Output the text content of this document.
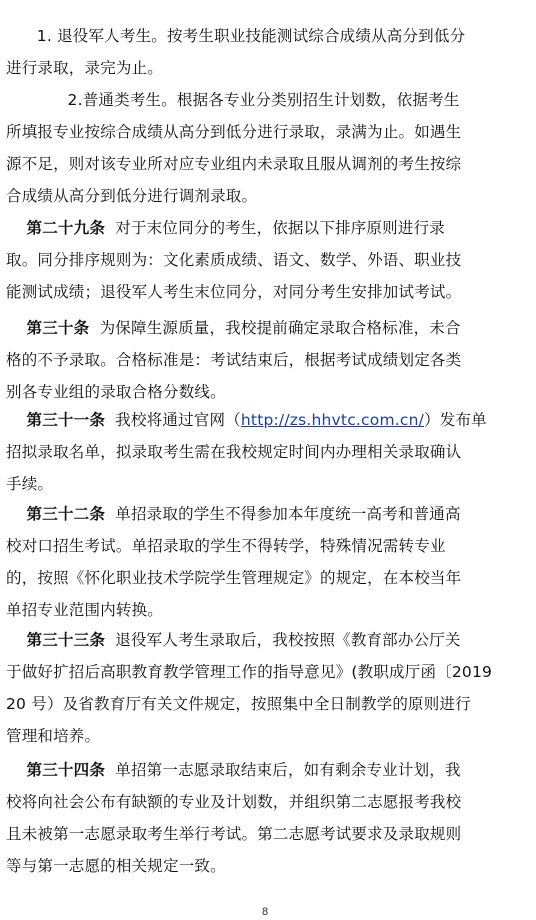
1. 退役军人考生。按考生职业技能测试综合成绩从高分到低分
进行录取，录完为止。
2.普通类考生。根据各专业分类别招生计划数，依据考生
所填报专业按综合成绩从高分到低分进行录取，录满为止。如遇生
源不足，则对该专业所对应专业组内未录取且服从调剂的考生按综
合成绩从高分到低分进行调剂录取。
第二十九条  对于末位同分的考生，依据以下排序原则进行录
取。同分排序规则为：文化素质成绩、语文、数学、外语、职业技
能测试成绩；退役军人考生末位同分，对同分考生安排加试考试。
第三十条  为保障生源质量，我校提前确定录取合格标准，未合
格的不予录取。合格标准是：考试结束后，根据考试成绩划定各类
别各专业组的录取合格分数线。
第三十一条  我校将通过官网（http://zs.hhvtc.com.cn/）发布单
招拟录取名单，拟录取考生需在我校规定时间内办理相关录取确认
手续。
第三十二条  单招录取的学生不得参加本年度统一高考和普通高
校对口招生考试。单招录取的学生不得转学，特殊情况需转专业
的，按照《怀化职业技术学院学生管理规定》的规定，在本校当年
单招专业范围内转换。
第三十三条  退役军人考生录取后，我校按照《教育部办公厅关
于做好扩招后高职教育教学管理工作的指导意见》(教职成厅函〔2019
20 号）及省教育厅有关文件规定，按照集中全日制教学的原则进行
管理和培养。
第三十四条  单招第一志愿录取结束后，如有剩余专业计划，我
校将向社会公布有缺额的专业及计划数，并组织第二志愿报考我校
且未被第一志愿录取考生举行考试。第二志愿考试要求及录取规则
等与第一志愿的相关规定一致。
8
